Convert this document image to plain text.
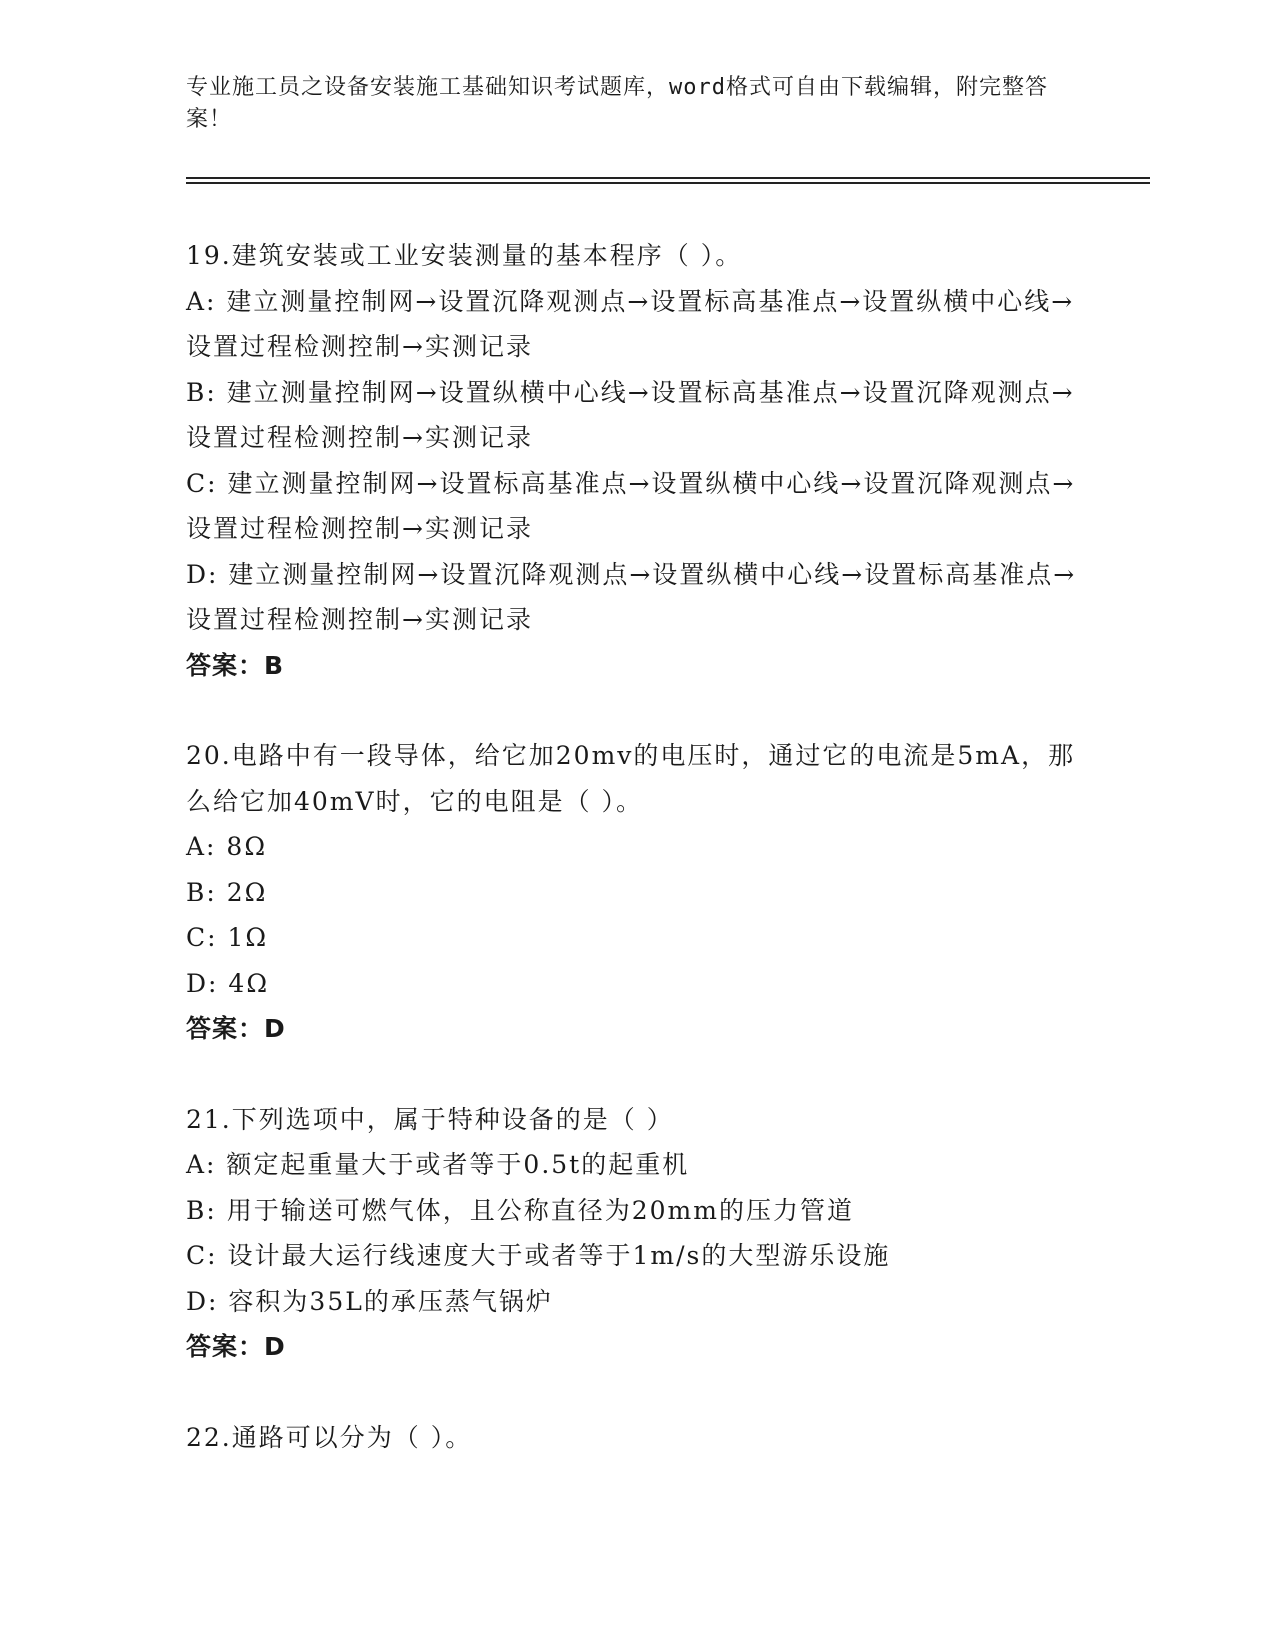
专业施工员之设备安装施工基础知识考试题库，word格式可自由下载编辑，附完整答案！
19.建筑安装或工业安装测量的基本程序（ ）。
A: 建立测量控制网→设置沉降观测点→设置标高基准点→设置纵横中心线→设置过程检测控制→实测记录
B: 建立测量控制网→设置纵横中心线→设置标高基准点→设置沉降观测点→设置过程检测控制→实测记录
C: 建立测量控制网→设置标高基准点→设置纵横中心线→设置沉降观测点→设置过程检测控制→实测记录
D: 建立测量控制网→设置沉降观测点→设置纵横中心线→设置标高基准点→设置过程检测控制→实测记录
答案：B
20.电路中有一段导体，给它加20mv的电压时，通过它的电流是5mA，那么给它加40mV时，它的电阻是（ ）。
A: 8Ω
B: 2Ω
C: 1Ω
D: 4Ω
答案：D
21.下列选项中，属于特种设备的是（ ）
A: 额定起重量大于或者等于0.5t的起重机
B: 用于输送可燃气体，且公称直径为20mm的压力管道
C: 设计最大运行线速度大于或者等于1m/s的大型游乐设施
D: 容积为35L的承压蒸气锅炉
答案：D
22.通路可以分为（ ）。
